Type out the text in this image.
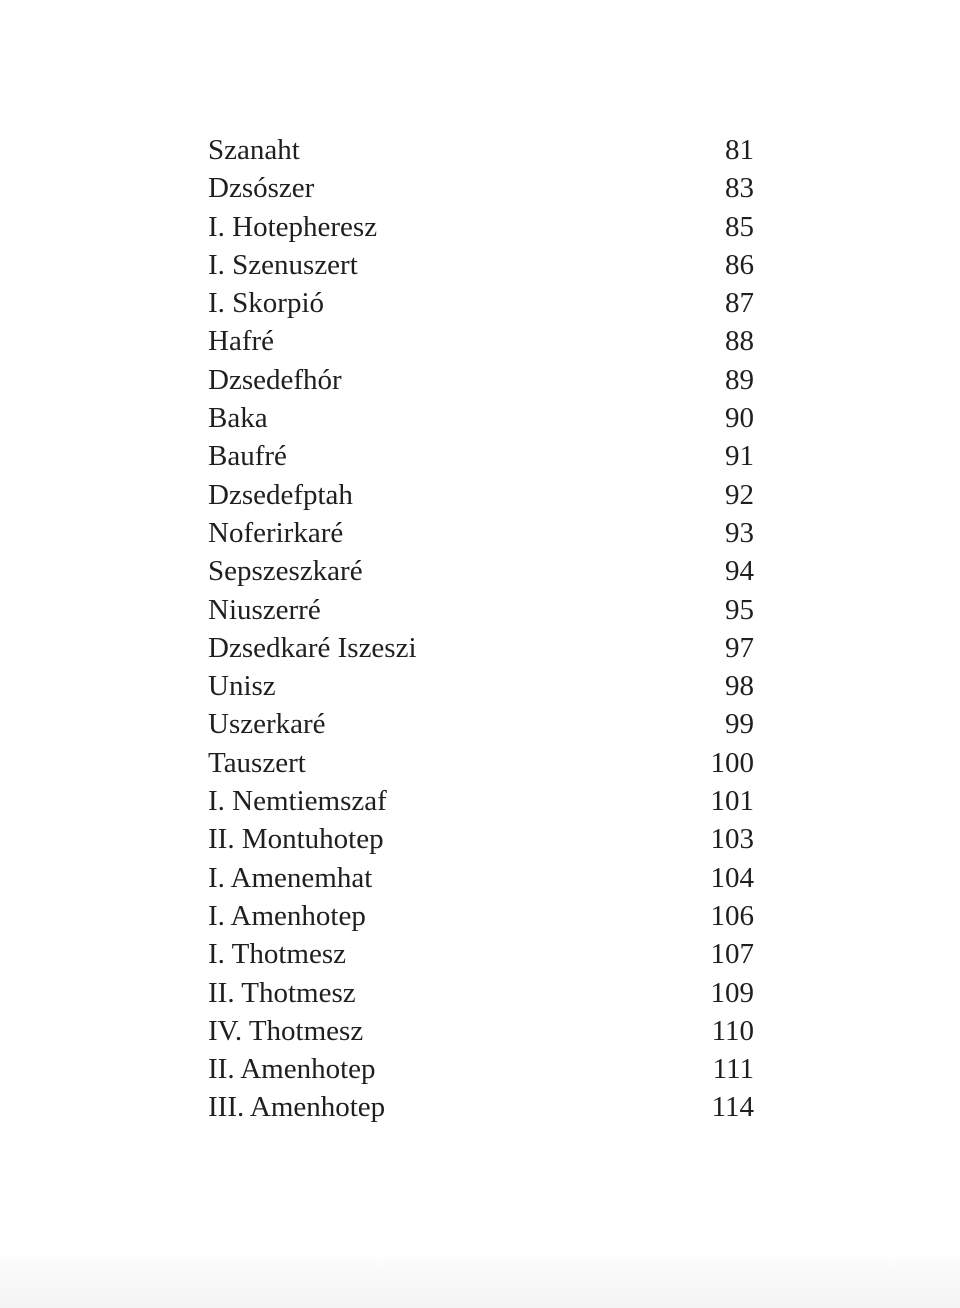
Szanaht	81
Dzsószer	83
I. Hotepheresz	85
I. Szenuszert	86
I. Skorpió	87
Hafré	88
Dzsedefhór	89
Baka	90
Baufré	91
Dzsedefptah	92
Noferirkaré	93
Sepszeszkaré	94
Niuszerré	95
Dzsedkaré Iszeszi	97
Unisz	98
Uszerkaré	99
Tauszert	100
I. Nemtiemszaf	101
II. Montuhotep	103
I. Amenemhat	104
I. Amenhotep	106
I. Thotmesz	107
II. Thotmesz	109
IV. Thotmesz	110
II. Amenhotep	111
III. Amenhotep	114
